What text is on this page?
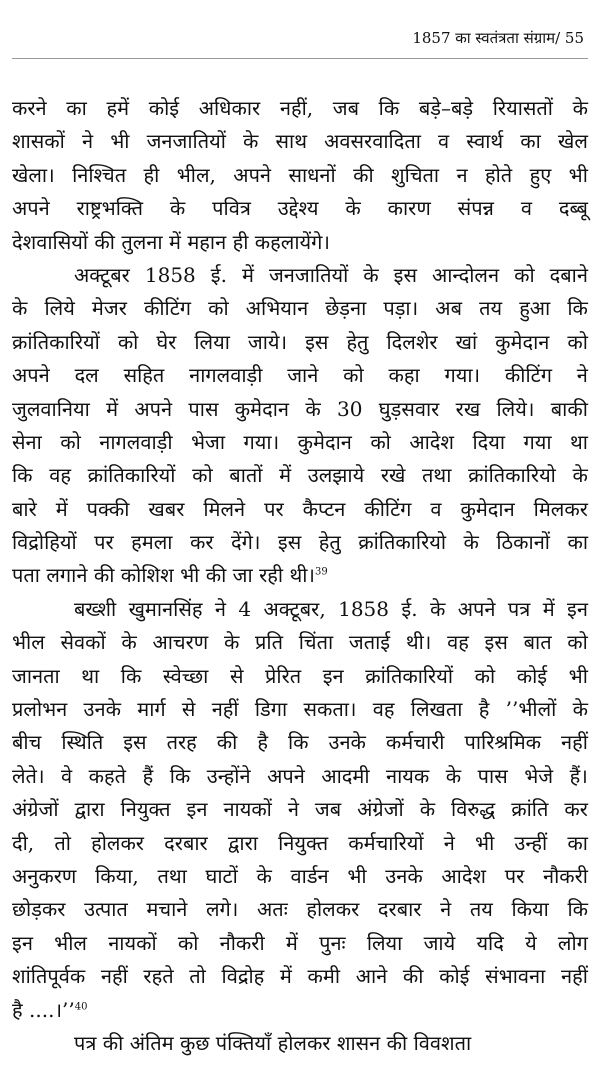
1857 का स्वतंत्रता संग्राम/ 55
करने का हमें कोई अधिकार नहीं, जब कि बड़े–बड़े रियासतों के
शासकों ने भी जनजातियों के साथ अवसरवादिता व स्वार्थ का खेल
खेला। निश्चित ही भील, अपने साधनों की शुचिता न होते हुए भी
अपने राष्ट्रभक्ति के पवित्र उद्देश्य के कारण संपन्न व दब्बू
देशवासियों की तुलना में महान ही कहलायेंगे।
अक्टूबर 1858 ई. में जनजातियों के इस आन्दोलन को दबाने
के लिये मेजर कीटिंग को अभियान छेड़ना पड़ा। अब तय हुआ कि
क्रांतिकारियों को घेर लिया जाये। इस हेतु दिलशेर खां कुमेदान को
अपने दल सहित नागलवाड़ी जाने को कहा गया। कीटिंग ने
जुलवानिया में अपने पास कुमेदान के 30 घुड़सवार रख लिये। बाकी
सेना को नागलवाड़ी भेजा गया। कुमेदान को आदेश दिया गया था
कि वह क्रांतिकारियों को बातों में उलझाये रखे तथा क्रांतिकारियो के
बारे में पक्की खबर मिलने पर कैप्टन कीटिंग व कुमेदान मिलकर
विद्रोहियों पर हमला कर देंगे। इस हेतु क्रांतिकारियो के ठिकानों का
पता लगाने की कोशिश भी की जा रही थी।$^{39}$
बख्शी खुमानसिंह ने 4 अक्टूबर, 1858 ई. के अपने पत्र में इन
भील सेवकों के आचरण के प्रति चिंता जताई थी। वह इस बात को
जानता था कि स्वेच्छा से प्रेरित इन क्रांतिकारियों को कोई भी
प्रलोभन उनके मार्ग से नहीं डिगा सकता। वह लिखता है ’’भीलों के
बीच स्थिति इस तरह की है कि उनके कर्मचारी पारिश्रमिक नहीं
लेते। वे कहते हैं कि उन्होंने अपने आदमी नायक के पास भेजे हैं।
अंग्रेजों द्वारा नियुक्त इन नायकों ने जब अंग्रेजों के विरुद्ध क्रांति कर
दी, तो होलकर दरबार द्वारा नियुक्त कर्मचारियों ने भी उन्हीं का
अनुकरण किया, तथा घाटों के वार्डन भी उनके आदेश पर नौकरी
छोड़कर उत्पात मचाने लगे। अतः होलकर दरबार ने तय किया कि
इन भील नायकों को नौकरी में पुनः लिया जाये यदि ये लोग
शांतिपूर्वक नहीं रहते तो विद्रोह में कमी आने की कोई संभावना नहीं
है ....।’’$^{40}$
पत्र की अंतिम कुछ पंक्तियाँ होलकर शासन की विवशता
